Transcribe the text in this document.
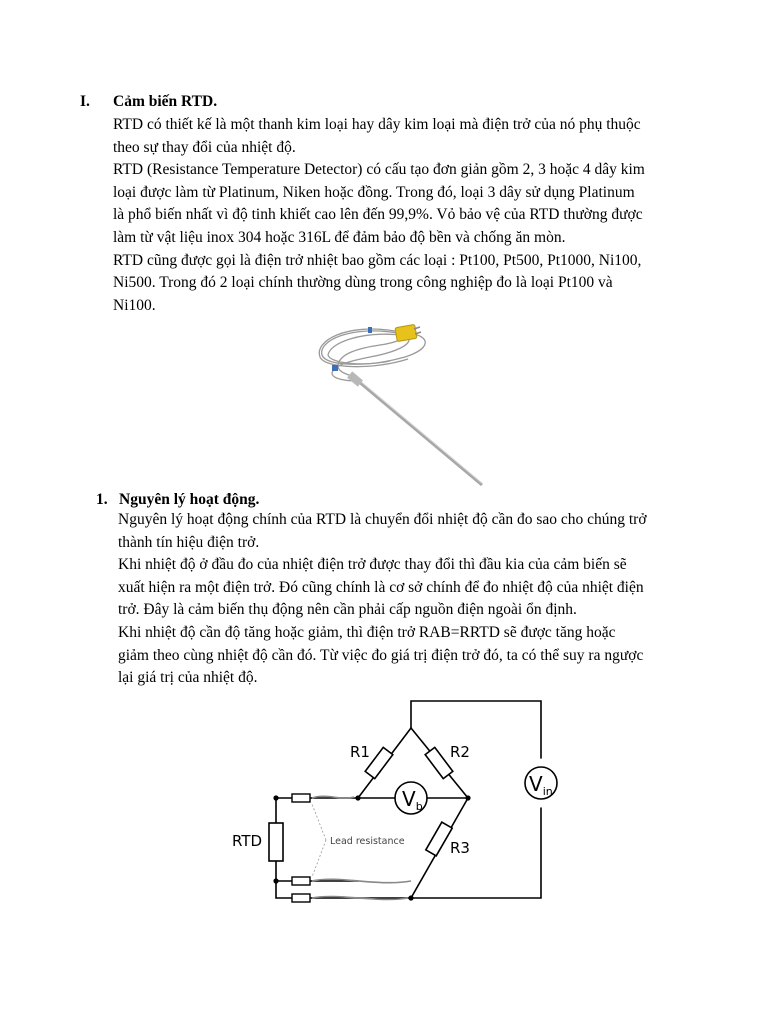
I. Cảm biến RTD.
RTD có thiết kế là một thanh kim loại hay dây kim loại mà điện trở của nó phụ thuộc
theo sự thay đổi của nhiệt độ.
RTD (Resistance Temperature Detector) có cấu tạo đơn giản gồm 2, 3 hoặc 4 dây kim
loại được làm từ Platinum, Niken hoặc đồng. Trong đó, loại 3 dây sử dụng Platinum
là phổ biến nhất vì độ tinh khiết cao lên đến 99,9%. Vỏ bảo vệ của RTD thường được
làm từ vật liệu inox 304 hoặc 316L để đảm bảo độ bền và chống ăn mòn.
RTD cũng được gọi là điện trở nhiệt bao gồm các loại : Pt100, Pt500, Pt1000, Ni100,
Ni500. Trong đó 2 loại chính thường dùng trong công nghiệp đo là loại Pt100 và
Ni100.
1. Nguyên lý hoạt động.
Nguyên lý hoạt động chính của RTD là chuyển đổi nhiệt độ cần đo sao cho chúng trở
thành tín hiệu điện trở.
Khi nhiệt độ ở đầu đo của nhiệt điện trở được thay đổi thì đầu kia của cảm biến sẽ
xuất hiện ra một điện trở. Đó cũng chính là cơ sở chính để đo nhiệt độ của nhiệt điện
trở. Đây là cảm biến thụ động nên cần phải cấp nguồn điện ngoài ổn định.
Khi nhiệt độ cần độ tăng hoặc giảm, thì điện trở RAB=RRTD sẽ được tăng hoặc
giảm theo cùng nhiệt độ cần đó. Từ việc đo giá trị điện trở đó, ta có thể suy ra ngược
lại giá trị của nhiệt độ.
$V_b$
$V_{in}$
R1	R2
R3
RTD	Lead resistance
